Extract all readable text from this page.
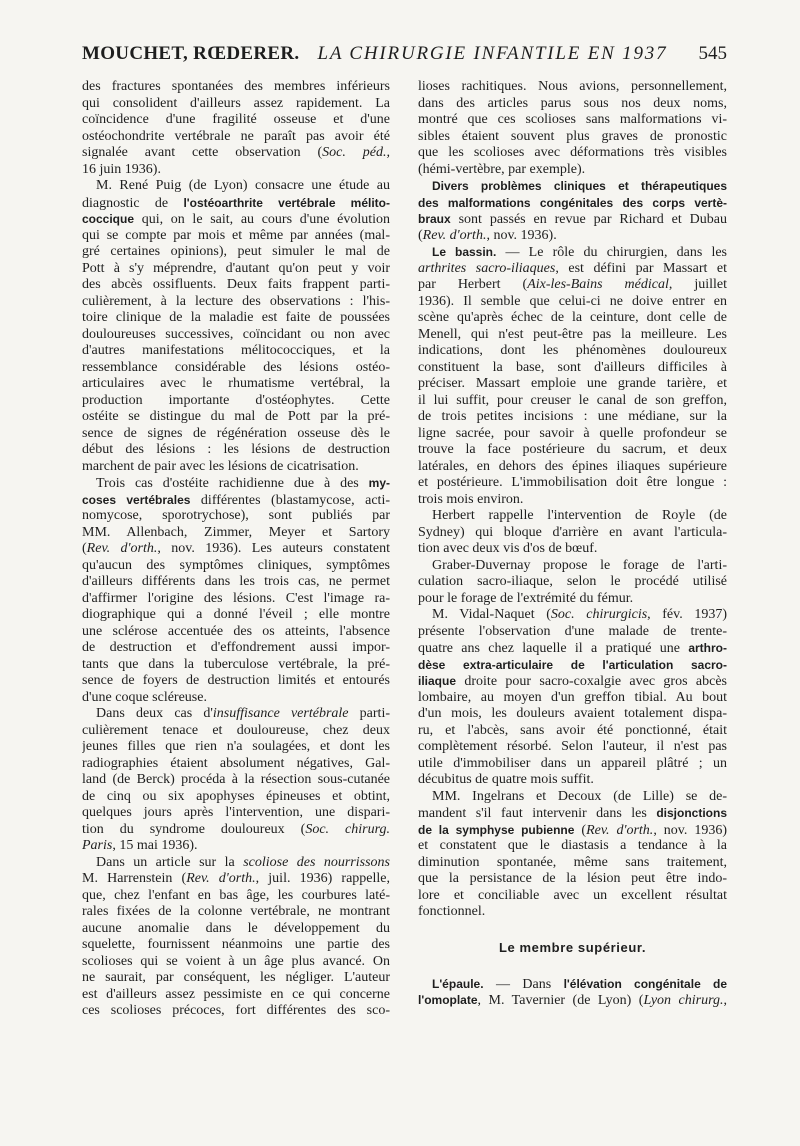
MOUCHET, RŒDERER. LA CHIRURGIE INFANTILE EN 1937 545
des fractures spontanées des membres inférieurs
qui consolident d'ailleurs assez rapidement. La
coïncidence d'une fragilité osseuse et d'une
ostéochondrite vertébrale ne paraît pas avoir été
signalée avant cette observation (Soc. péd.,
16 juin 1936).
M. René Puig (de Lyon) consacre une étude au
diagnostic de l'ostéoarthrite vertébrale mélito-
coccique qui, on le sait, au cours d'une évolution
qui se compte par mois et même par années (mal-
gré certaines opinions), peut simuler le mal de
Pott à s'y méprendre, d'autant qu'on peut y voir
des abcès ossifluents. Deux faits frappent parti-
culièrement, à la lecture des observations : l'his-
toire clinique de la maladie est faite de poussées
douloureuses successives, coïncidant ou non avec
d'autres manifestations mélitococciques, et la
ressemblance considérable des lésions ostéo-
articulaires avec le rhumatisme vertébral, la
production importante d'ostéophytes. Cette
ostéite se distingue du mal de Pott par la pré-
sence de signes de régénération osseuse dès le
début des lésions : les lésions de destruction
marchent de pair avec les lésions de cicatrisation.
Trois cas d'ostéite rachidienne due à des my-
coses vertébrales différentes (blastamycose, acti-
nomycose, sporotrychose), sont publiés par
MM. Allenbach, Zimmer, Meyer et Sartory
(Rev. d'orth., nov. 1936). Les auteurs constatent
qu'aucun des symptômes cliniques, symptômes
d'ailleurs différents dans les trois cas, ne permet
d'affirmer l'origine des lésions. C'est l'image ra-
diographique qui a donné l'éveil ; elle montre
une sclérose accentuée des os atteints, l'absence
de destruction et d'effondrement aussi impor-
tants que dans la tuberculose vertébrale, la pré-
sence de foyers de destruction limités et entourés
d'une coque scléreuse.
Dans deux cas d'insuffisance vertébrale parti-
culièrement tenace et douloureuse, chez deux
jeunes filles que rien n'a soulagées, et dont les
radiographies étaient absolument négatives, Gal-
land (de Berck) procéda à la résection sous-cutanée
de cinq ou six apophyses épineuses et obtint,
quelques jours après l'intervention, une dispari-
tion du syndrome douloureux (Soc. chirurg.
Paris, 15 mai 1936).
Dans un article sur la scoliose des nourrissons
M. Harrenstein (Rev. d'orth., juil. 1936) rappelle,
que, chez l'enfant en bas âge, les courbures laté-
rales fixées de la colonne vertébrale, ne montrant
aucune anomalie dans le développement du
squelette, fournissent néanmoins une partie des
scolioses qui se voient à un âge plus avancé. On
ne saurait, par conséquent, les négliger. L'auteur
est d'ailleurs assez pessimiste en ce qui concerne
ces scolioses précoces, fort différentes des sco-
lioses rachitiques. Nous avions, personnellement,
dans des articles parus sous nos deux noms,
montré que ces scolioses sans malformations vi-
sibles étaient souvent plus graves de pronostic
que les scolioses avec déformations très visibles
(hémi-vertèbre, par exemple).
Divers problèmes cliniques et thérapeutiques
des malformations congénitales des corps vertè-
braux sont passés en revue par Richard et Dubau
(Rev. d'orth., nov. 1936).
Le bassin. — Le rôle du chirurgien, dans les
arthrites sacro-iliaques, est défini par Massart et
par Herbert (Aix-les-Bains médical, juillet
1936). Il semble que celui-ci ne doive entrer en
scène qu'après échec de la ceinture, dont celle de
Menell, qui n'est peut-être pas la meilleure. Les
indications, dont les phénomènes douloureux
constituent la base, sont d'ailleurs difficiles à
préciser. Massart emploie une grande tarière, et
il lui suffit, pour creuser le canal de son greffon,
de trois petites incisions : une médiane, sur la
ligne sacrée, pour savoir à quelle profondeur se
trouve la face postérieure du sacrum, et deux
latérales, en dehors des épines iliaques supérieure
et postérieure. L'immobilisation doit être longue :
trois mois environ.
Herbert rappelle l'intervention de Royle (de
Sydney) qui bloque d'arrière en avant l'articula-
tion avec deux vis d'os de bœuf.
Graber-Duvernay propose le forage de l'arti-
culation sacro-iliaque, selon le procédé utilisé
pour le forage de l'extrémité du fémur.
M. Vidal-Naquet (Soc. chirurgicis, fév. 1937)
présente l'observation d'une malade de trente-
quatre ans chez laquelle il a pratiqué une arthro-
dèse extra-articulaire de l'articulation sacro-
iliaque droite pour sacro-coxalgie avec gros abcès
lombaire, au moyen d'un greffon tibial. Au bout
d'un mois, les douleurs avaient totalement dispa-
ru, et l'abcès, sans avoir été ponctionné, était
complètement résorbé. Selon l'auteur, il n'est pas
utile d'immobiliser dans un appareil plâtré ; un
décubitus de quatre mois suffit.
MM. Ingelrans et Decoux (de Lille) se de-
mandent s'il faut intervenir dans les disjonctions
de la symphyse pubienne (Rev. d'orth., nov. 1936)
et constatent que le diastasis a tendance à la
diminution spontanée, même sans traitement,
que la persistance de la lésion peut être indo-
lore et conciliable avec un excellent résultat
fonctionnel.
Le membre supérieur.
L'épaule. — Dans l'élévation congénitale de
l'omoplate, M. Tavernier (de Lyon) (Lyon chirurg.,
